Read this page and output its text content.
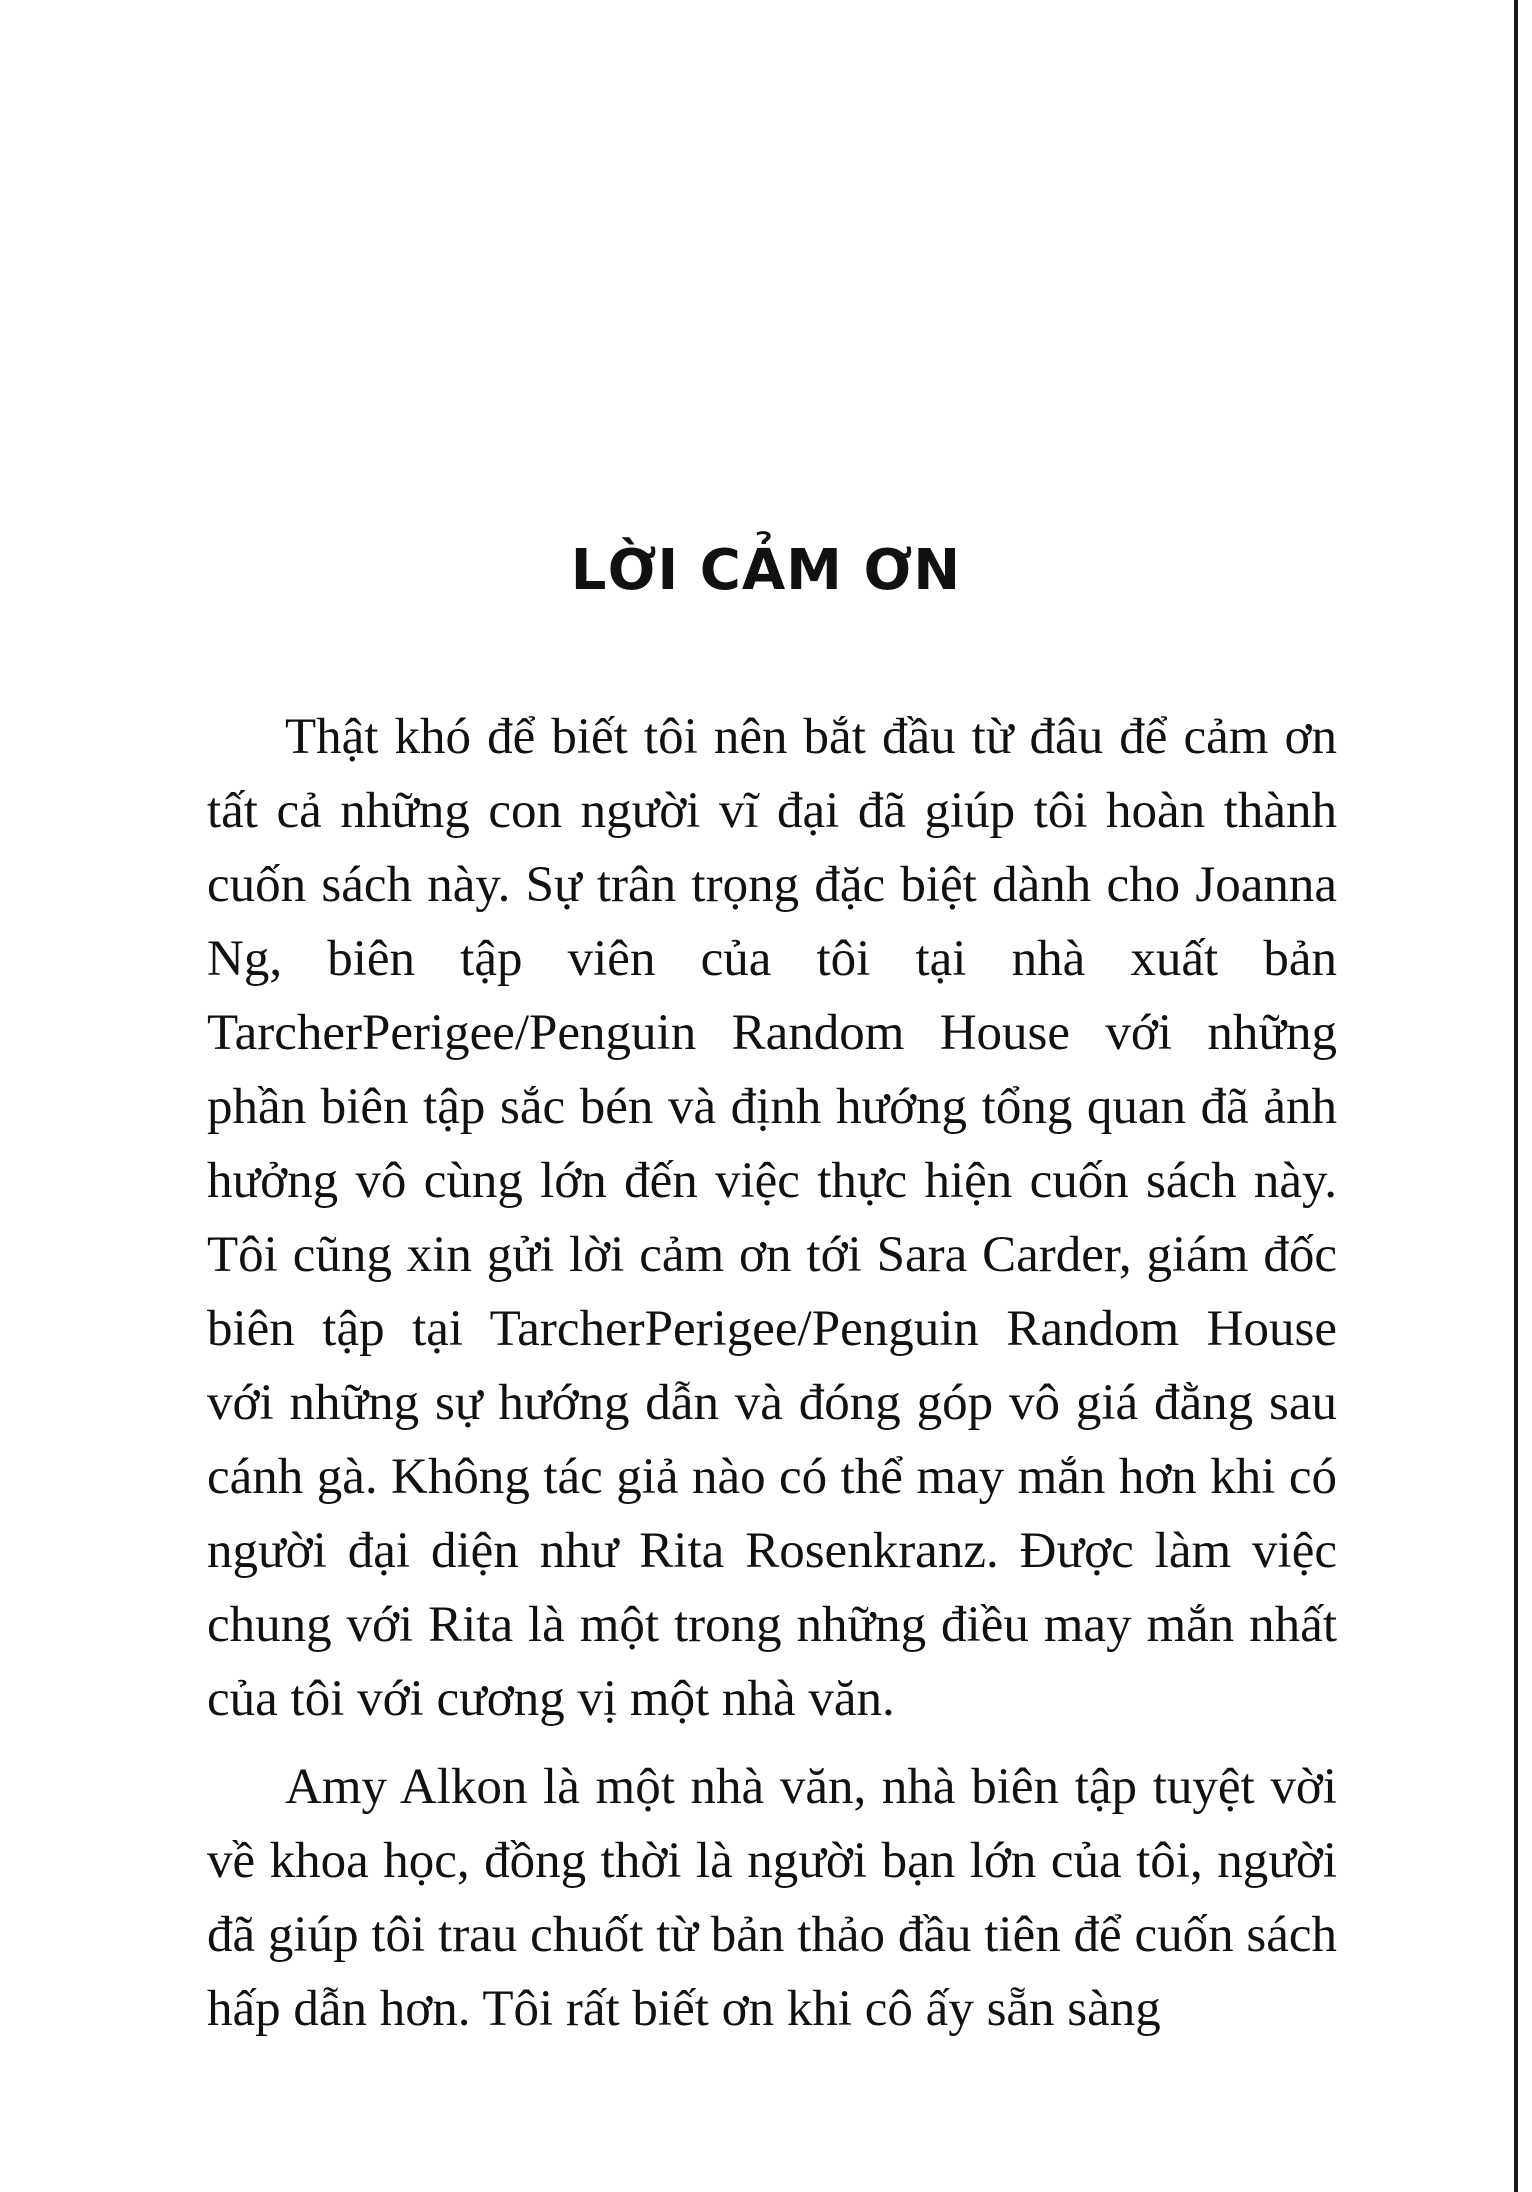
LỜI CẢM ƠN

Thật khó để biết tôi nên bắt đầu từ đâu để cảm ơn tất cả những con người vĩ đại đã giúp tôi hoàn thành cuốn sách này. Sự trân trọng đặc biệt dành cho Joanna Ng, biên tập viên của tôi tại nhà xuất bản TarcherPerigee/Penguin Random House với những phần biên tập sắc bén và định hướng tổng quan đã ảnh hưởng vô cùng lớn đến việc thực hiện cuốn sách này. Tôi cũng xin gửi lời cảm ơn tới Sara Carder, giám đốc biên tập tại TarcherPerigee/Penguin Random House với những sự hướng dẫn và đóng góp vô giá đằng sau cánh gà. Không tác giả nào có thể may mắn hơn khi có người đại diện như Rita Rosenkranz. Được làm việc chung với Rita là một trong những điều may mắn nhất của tôi với cương vị một nhà văn.

Amy Alkon là một nhà văn, nhà biên tập tuyệt vời về khoa học, đồng thời là người bạn lớn của tôi, người đã giúp tôi trau chuốt từ bản thảo đầu tiên để cuốn sách hấp dẫn hơn. Tôi rất biết ơn khi cô ấy sẵn sàng
